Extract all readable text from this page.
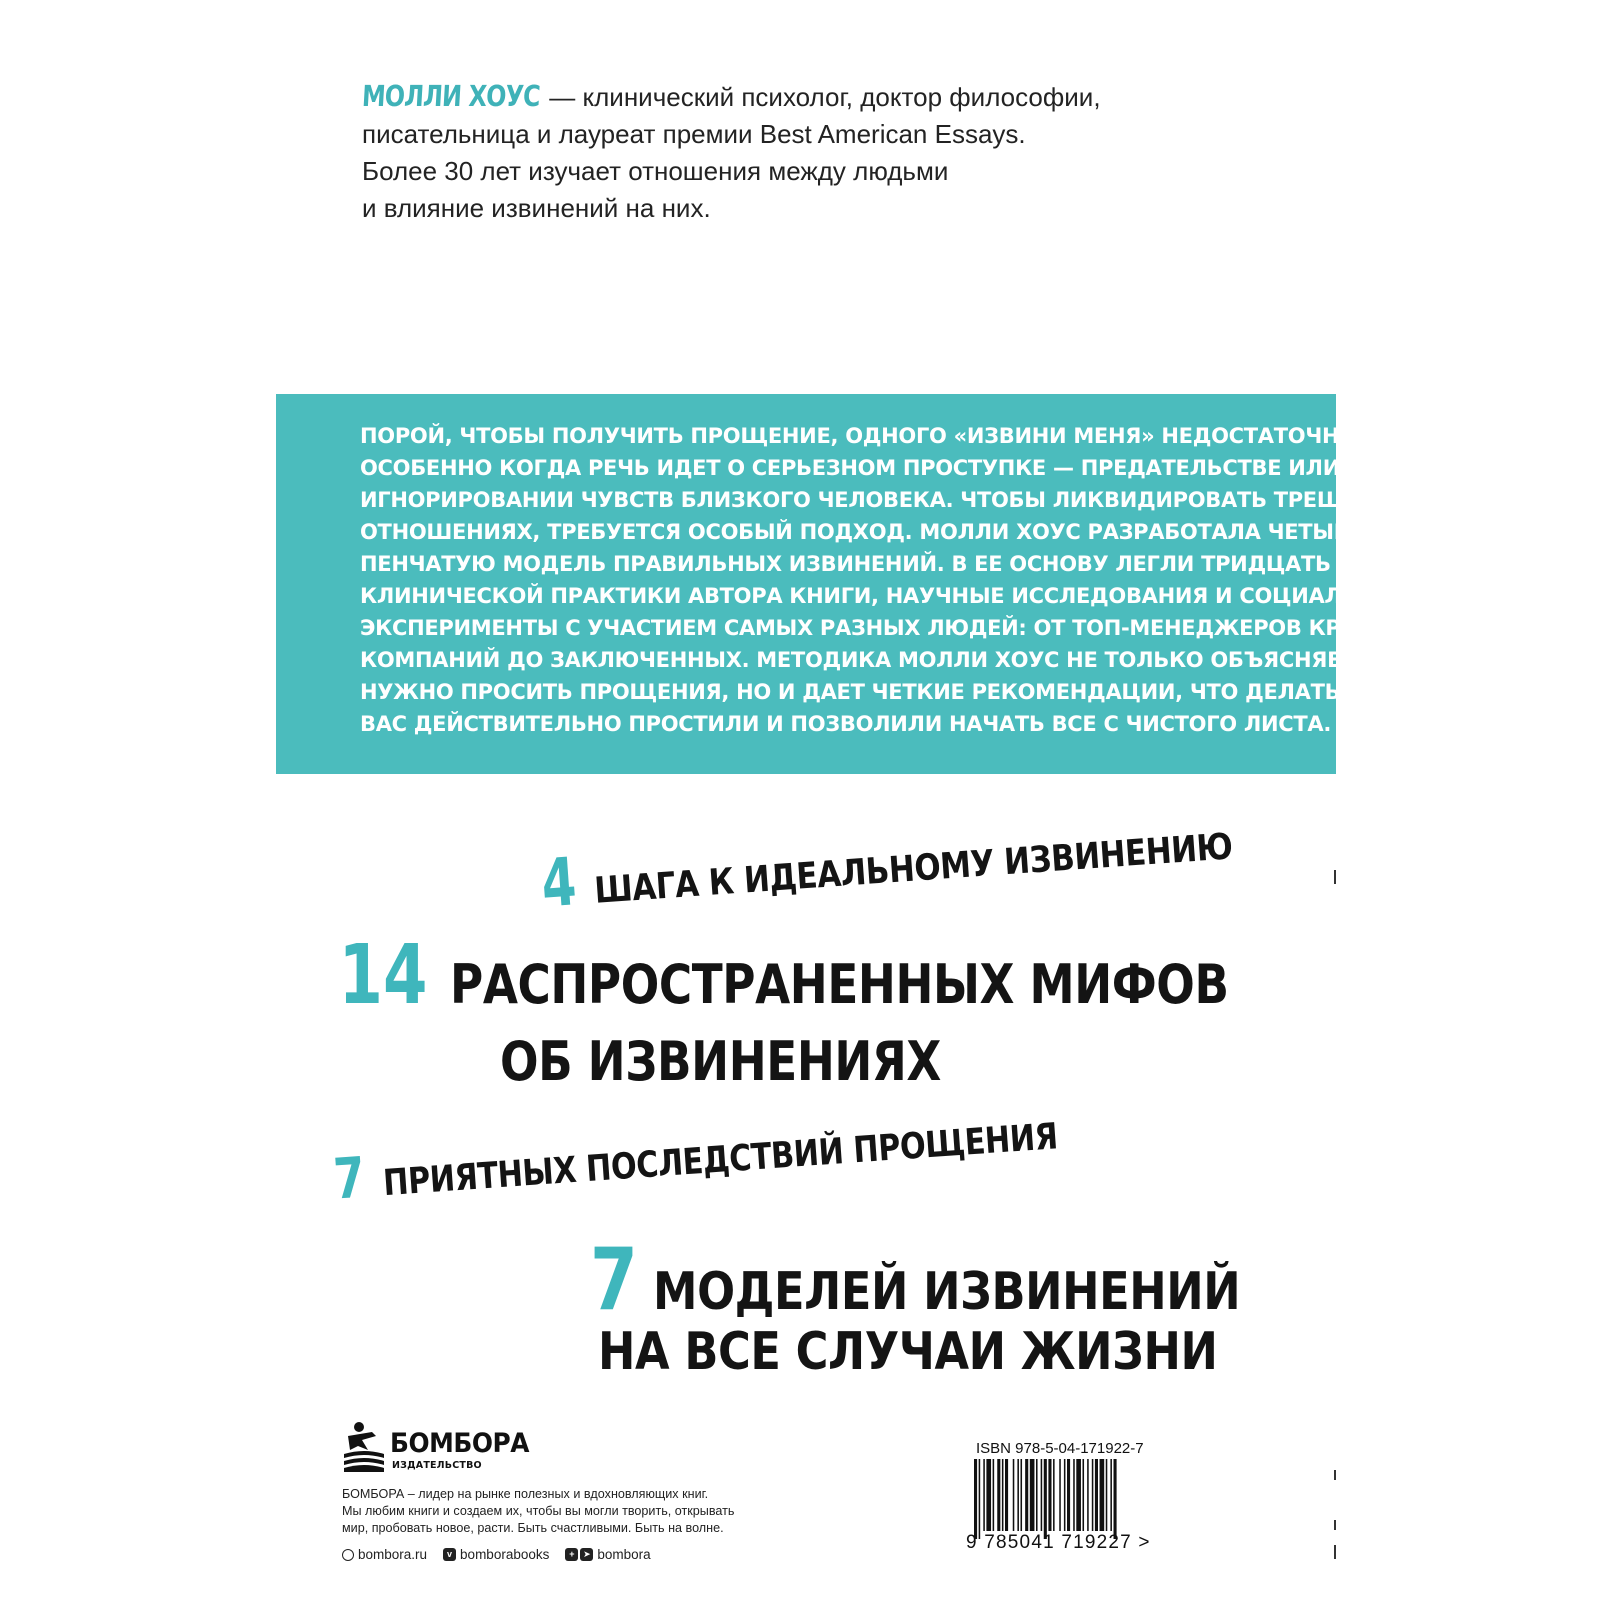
МОЛЛИ ХОУС — клинический психолог, доктор философии,
писательница и лауреат премии Best American Essays.
Более 30 лет изучает отношения между людьми
и влияние извинений на них.
ПОРОЙ, ЧТОБЫ ПОЛУЧИТЬ ПРОЩЕНИЕ, ОДНОГО «ИЗВИНИ МЕНЯ» НЕДОСТАТОЧНО.
ОСОБЕННО КОГДА РЕЧЬ ИДЕТ О СЕРЬЕЗНОМ ПРОСТУПКЕ — ПРЕДАТЕЛЬСТВЕ ИЛИ ДОЛГОМ
ИГНОРИРОВАНИИ ЧУВСТВ БЛИЗКОГО ЧЕЛОВЕКА. ЧТОБЫ ЛИКВИДИРОВАТЬ ТРЕЩИНУ В
ОТНОШЕНИЯХ, ТРЕБУЕТСЯ ОСОБЫЙ ПОДХОД. МОЛЛИ ХОУС РАЗРАБОТАЛА ЧЕТЫРЕХСТУ-
ПЕНЧАТУЮ МОДЕЛЬ ПРАВИЛЬНЫХ ИЗВИНЕНИЙ. В ЕЕ ОСНОВУ ЛЕГЛИ ТРИДЦАТЬ ЛЕТ
КЛИНИЧЕСКОЙ ПРАКТИКИ АВТОРА КНИГИ, НАУЧНЫЕ ИССЛЕДОВАНИЯ И СОЦИАЛЬНЫЕ
ЭКСПЕРИМЕНТЫ С УЧАСТИЕМ САМЫХ РАЗНЫХ ЛЮДЕЙ: ОТ ТОП-МЕНЕДЖЕРОВ КРУПНЫХ
КОМПАНИЙ ДО ЗАКЛЮЧЕННЫХ. МЕТОДИКА МОЛЛИ ХОУС НЕ ТОЛЬКО ОБЪЯСНЯЕТ, КАК
НУЖНО ПРОСИТЬ ПРОЩЕНИЯ, НО И ДАЕТ ЧЕТКИЕ РЕКОМЕНДАЦИИ, ЧТО ДЕЛАТЬ, ЧТОБЫ
ВАС ДЕЙСТВИТЕЛЬНО ПРОСТИЛИ И ПОЗВОЛИЛИ НАЧАТЬ ВСЕ С ЧИСТОГО ЛИСТА.
4 ШАГА К ИДЕАЛЬНОМУ ИЗВИНЕНИЮ
14 РАСПРОСТРАНЕННЫХ МИФОВ
ОБ ИЗВИНЕНИЯХ
7 ПРИЯТНЫХ ПОСЛЕДСТВИЙ ПРОЩЕНИЯ
7 МОДЕЛЕЙ ИЗВИНЕНИЙ
НА ВСЕ СЛУЧАИ ЖИЗНИ
БОМБОРА
ИЗДАТЕЛЬСТВО
БОМБОРА – лидер на рынке полезных и вдохновляющих книг.
Мы любим книги и создаем их, чтобы вы могли творить, открывать
мир, пробовать новое, расти. Быть счастливыми. Быть на волне.
bombora.ru	v bomborabooks	+ ➤ bombora
ISBN 978-5-04-171922-7
9 785041 719227 >
